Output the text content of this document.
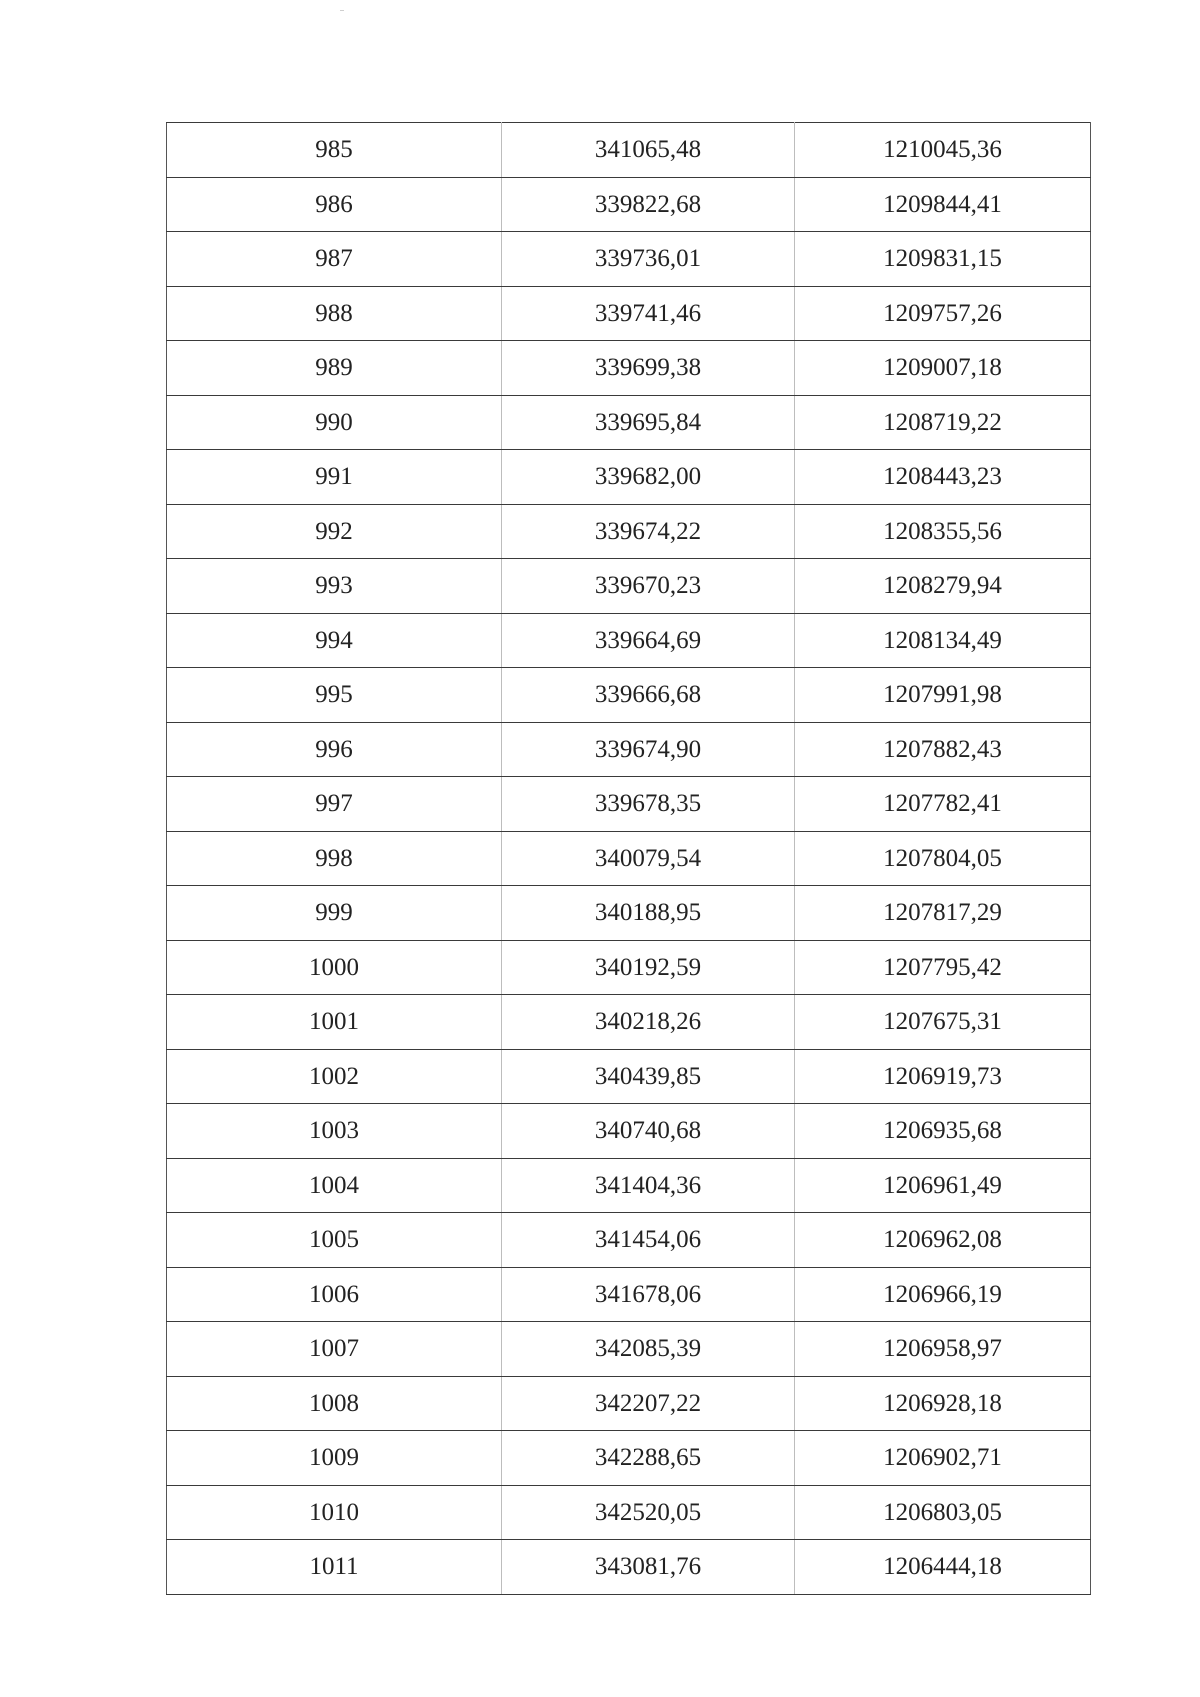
985	341065,48	1210045,36
986	339822,68	1209844,41
987	339736,01	1209831,15
988	339741,46	1209757,26
989	339699,38	1209007,18
990	339695,84	1208719,22
991	339682,00	1208443,23
992	339674,22	1208355,56
993	339670,23	1208279,94
994	339664,69	1208134,49
995	339666,68	1207991,98
996	339674,90	1207882,43
997	339678,35	1207782,41
998	340079,54	1207804,05
999	340188,95	1207817,29
1000	340192,59	1207795,42
1001	340218,26	1207675,31
1002	340439,85	1206919,73
1003	340740,68	1206935,68
1004	341404,36	1206961,49
1005	341454,06	1206962,08
1006	341678,06	1206966,19
1007	342085,39	1206958,97
1008	342207,22	1206928,18
1009	342288,65	1206902,71
1010	342520,05	1206803,05
1011	343081,76	1206444,18
